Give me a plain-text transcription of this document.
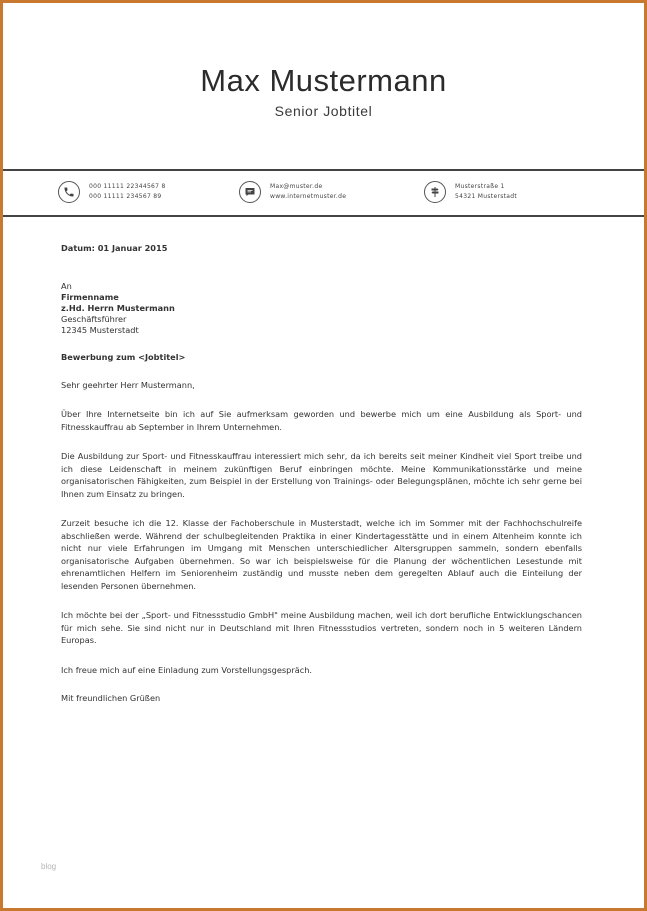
Max Mustermann
Senior Jobtitel
000 11111 22344567 8
000 11111 234567 89
Max@muster.de
www.internetmuster.de
Musterstraße 1
54321 Musterstadt
Datum: 01 Januar 2015
An
Firmenname
z.Hd. Herrn Mustermann
Geschäftsführer
12345 Musterstadt
Bewerbung zum <Jobtitel>
Sehr geehrter Herr Mustermann,
Über Ihre Internetseite bin ich auf Sie aufmerksam geworden und bewerbe mich um eine Ausbildung als Sport- und Fitnesskauffrau ab September in Ihrem Unternehmen.
Die Ausbildung zur Sport- und Fitnesskauffrau interessiert mich sehr, da ich bereits seit meiner Kindheit viel Sport treibe und ich diese Leidenschaft in meinem zukünftigen Beruf einbringen möchte. Meine Kommunikationsstärke und meine organisatorischen Fähigkeiten, zum Beispiel in der Erstellung von Trainings- oder Belegungsplänen, möchte ich sehr gerne bei Ihnen zum Einsatz zu bringen.
Zurzeit besuche ich die 12. Klasse der Fachoberschule in Musterstadt, welche ich im Sommer mit der Fachhochschulreife abschließen werde. Während der schulbegleitenden Praktika in einer Kindertagesstätte und in einem Altenheim konnte ich nicht nur viele Erfahrungen im Umgang mit Menschen unterschiedlicher Altersgruppen sammeln, sondern ebenfalls organisatorische Aufgaben übernehmen. So war ich beispielsweise für die Planung der wöchentlichen Lesestunde mit ehrenamtlichen Helfern im Seniorenheim zuständig und musste neben dem geregelten Ablauf auch die Einteilung der lesenden Personen übernehmen.
Ich möchte bei der „Sport- und Fitnessstudio GmbH" meine Ausbildung machen, weil ich dort berufliche Entwicklungschancen für mich sehe. Sie sind nicht nur in Deutschland mit Ihren Fitnessstudios vertreten, sondern noch in 5 weiteren Ländern Europas.
Ich freue mich auf eine Einladung zum Vorstellungsgespräch.
Mit freundlichen Grüßen
blog
